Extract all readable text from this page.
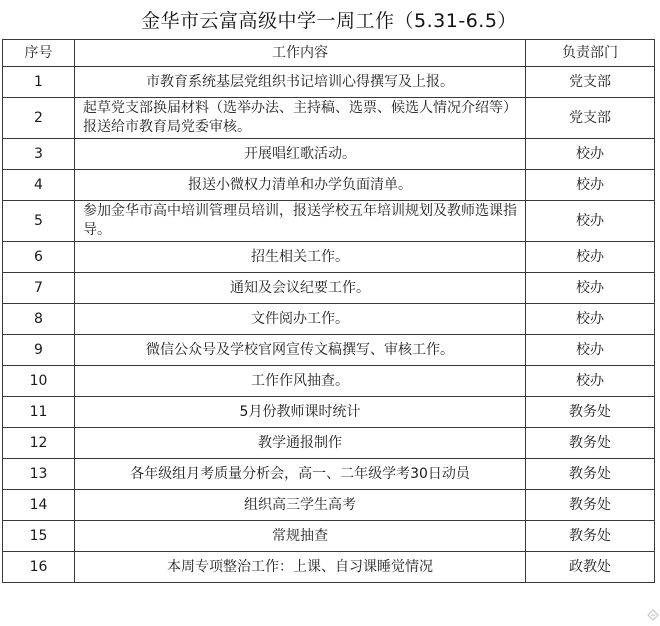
金华市云富高级中学一周工作（5.31-6.5）
序号	工作内容	负责部门
1	市教育系统基层党组织书记培训心得撰写及上报。	党支部
2	起草党支部换届材料（选举办法、主持稿、选票、候选人情况介绍等）报送给市教育局党委审核。	党支部
3	开展唱红歌活动。	校办
4	报送小微权力清单和办学负面清单。	校办
5	参加金华市高中培训管理员培训，报送学校五年培训规划及教师选课指导。	校办
6	招生相关工作。	校办
7	通知及会议纪要工作。	校办
8	文件阅办工作。	校办
9	微信公众号及学校官网宣传文稿撰写、审核工作。	校办
10	工作作风抽查。	校办
11	5月份教师课时统计	教务处
12	教学通报制作	教务处
13	各年级组月考质量分析会，高一、二年级学考30日动员	教务处
14	组织高三学生高考	教务处
15	常规抽查	教务处
16	本周专项整治工作：上课、自习课睡觉情况	政教处
